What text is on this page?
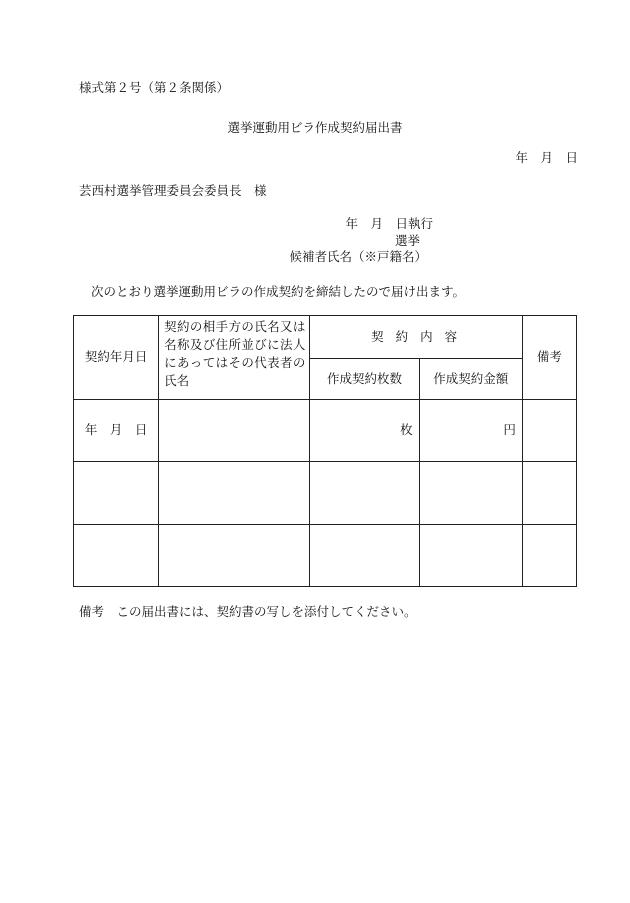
様式第２号（第２条関係）
選挙運動用ビラ作成契約届出書
年　月　日
芸西村選挙管理委員会委員長　様
年　月　日執行
選挙
候補者氏名（※戸籍名）
次のとおり選挙運動用ビラの作成契約を締結したので届け出ます。
契約年月日	契約の相手方の氏名又は名称及び住所並びに法人にあってはその代表者の氏名	契 約 内 容		備考
		作成契約枚数	作成契約金額	
年　月　日		枚	円	

備考　この届出書には、契約書の写しを添付してください。
